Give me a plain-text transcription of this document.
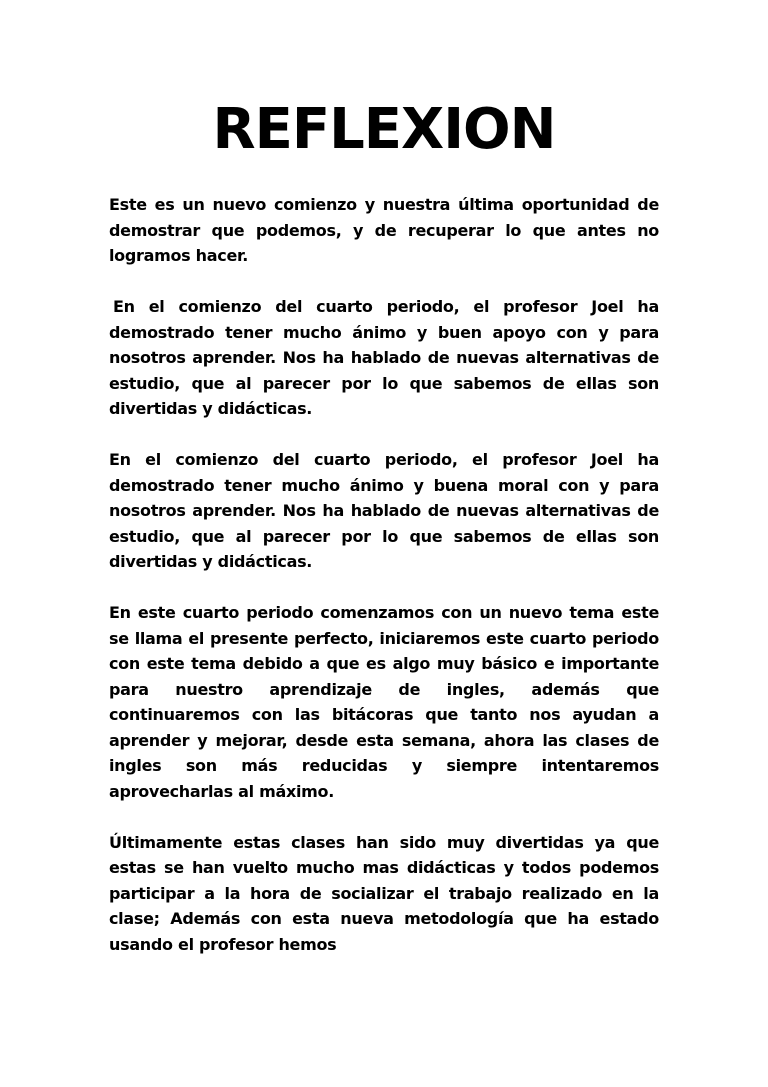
REFLEXION

Este es un nuevo comienzo y nuestra última oportunidad de demostrar que podemos, y de recuperar lo que antes no logramos hacer.

En el comienzo del cuarto periodo, el profesor Joel ha demostrado tener mucho ánimo y buen apoyo con y para nosotros aprender. Nos ha hablado de nuevas alternativas de estudio, que al parecer por lo que sabemos de ellas son divertidas y didácticas.

En el comienzo del cuarto periodo, el profesor Joel ha demostrado tener mucho ánimo y buena moral con y para nosotros aprender. Nos ha hablado de nuevas alternativas de estudio, que al parecer por lo que sabemos de ellas son divertidas y didácticas.

En este cuarto periodo comenzamos con un nuevo tema este se llama el presente perfecto, iniciaremos este cuarto periodo con este tema debido a que es algo muy básico e importante para nuestro aprendizaje de ingles, además que continuaremos con las bitácoras que tanto nos ayudan a aprender y mejorar, desde esta semana, ahora las clases de ingles son más reducidas y siempre intentaremos aprovecharlas al máximo.

Últimamente estas clases han sido muy divertidas ya que estas se han vuelto mucho mas didácticas y todos podemos participar a la hora de socializar el trabajo realizado en la clase; Además con esta nueva metodología que ha estado usando el profesor hemos
